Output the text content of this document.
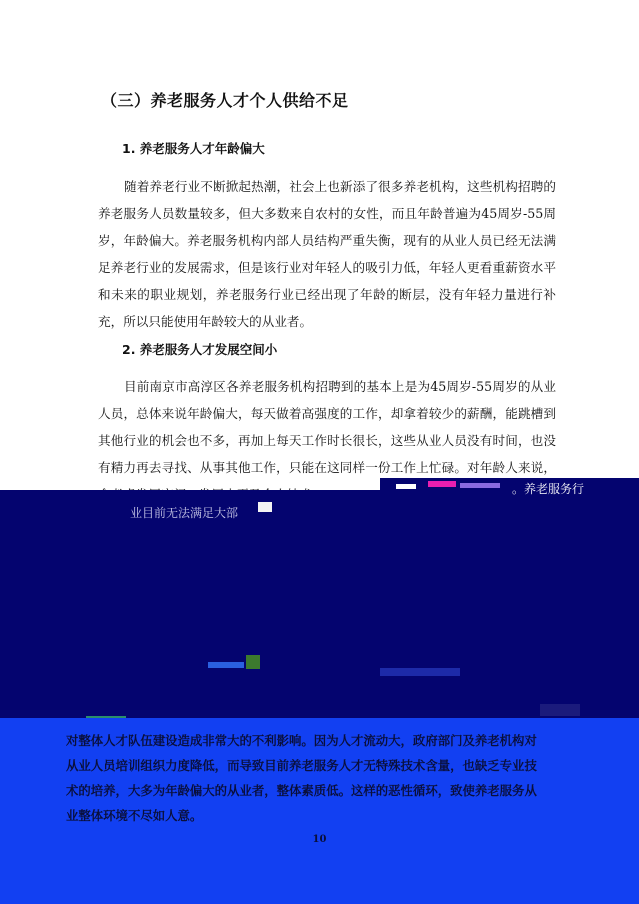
（三）养老服务人才个人供给不足
1. 养老服务人才年龄偏大

随着养老行业不断掀起热潮，社会上也新添了很多养老机构，这些机构招聘的养老服务人员数量较多，但大多数来自农村的女性，而且年龄普遍为45周岁-55周岁，年龄偏大。养老服务机构内部人员结构严重失衡，现有的从业人员已经无法满足养老行业的发展需求，但是该行业对年轻人的吸引力低，年轻人更看重薪资水平和未来的职业规划，养老服务行业已经出现了年龄的断层，没有年轻力量进行补充，所以只能使用年龄较大的从业者。

2. 养老服务人才发展空间小

目前南京市高淳区各养老服务机构招聘到的基本上是为45周岁-55周岁的从业人员，总体来说年龄偏大，每天做着高强度的工作，却拿着较少的薪酬，能跳槽到其他行业的机会也不多，再加上每天工作时长很长，这些从业人员没有时间，也没有精力再去寻找、从事其他工作，只能在这同样一份工作上忙碌。对年龄人来说，

。养老服务行

业目前无法满足大部

对整体人才队伍建设造成非常大的不利影响。因为人才流动大，政府部门及养老机构对从业人员培训组织力度降低，而导致目前养老服务人才无特殊技术含量，也缺乏专业技术的培养，大多为年龄偏大的从业者，整体素质低。这样的恶性循环，致使养老服务从业整体环境不尽如人意。

10
